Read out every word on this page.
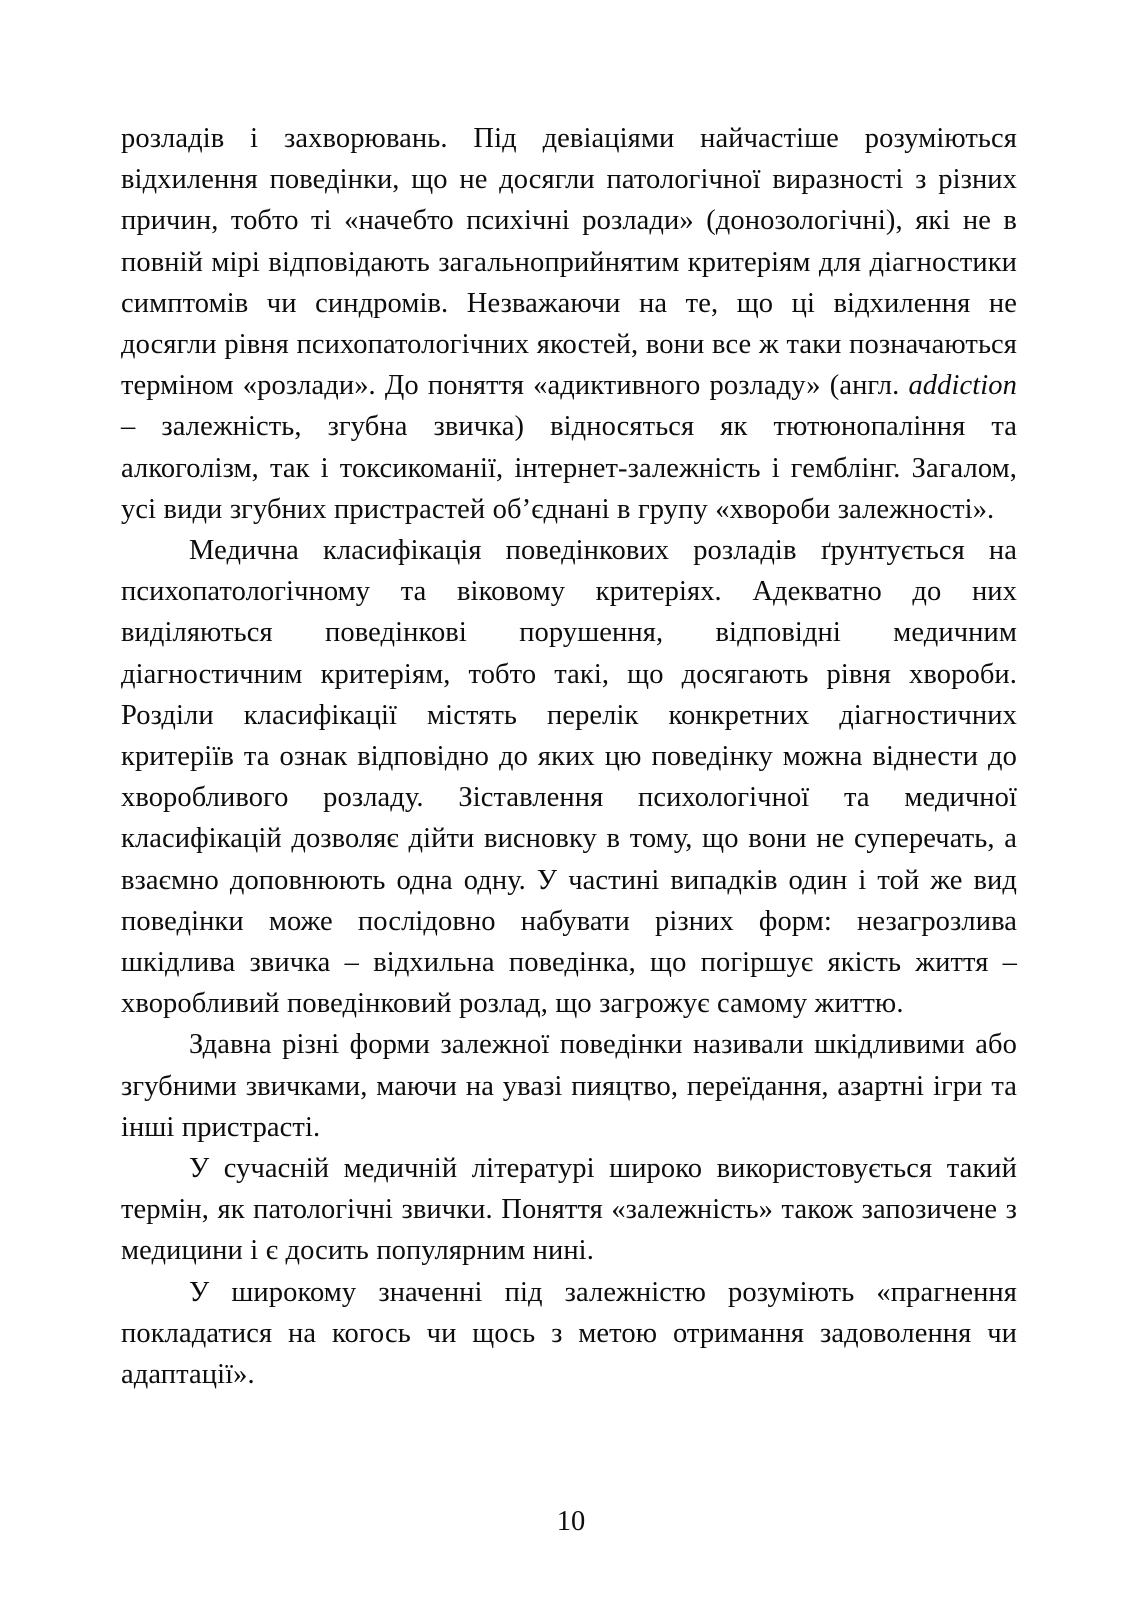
розладів і захворювань. Під девіаціями найчастіше розуміються відхилення поведінки, що не досягли патологічної виразності з різних причин, тобто ті «начебто психічні розлади» (донозологічні), які не в повній мірі відповідають загальноприйнятим критеріям для діагностики симптомів чи синдромів. Незважаючи на те, що ці відхилення не досягли рівня психопатологічних якостей, вони все ж таки позначаються терміном «розлади». До поняття «адиктивного розладу» (англ. addiction – залежність, згубна звичка) відносяться як тютюнопаління та алкоголізм, так і токсикоманії, інтернет-залежність і гемблінг. Загалом, усі види згубних пристрастей об’єднані в групу «хвороби залежності».

Медична класифікація поведінкових розладів ґрунтується на психопатологічному та віковому критеріях. Адекватно до них виділяються поведінкові порушення, відповідні медичним діагностичним критеріям, тобто такі, що досягають рівня хвороби. Розділи класифікації містять перелік конкретних діагностичних критеріїв та ознак відповідно до яких цю поведінку можна віднести до хворобливого розладу. Зіставлення психологічної та медичної класифікацій дозволяє дійти висновку в тому, що вони не суперечать, а взаємно доповнюють одна одну. У частині випадків один і той же вид поведінки може послідовно набувати різних форм: незагрозлива шкідлива звичка – відхильна поведінка, що погіршує якість життя – хворобливий поведінковий розлад, що загрожує самому життю.

Здавна різні форми залежної поведінки називали шкідливими або згубними звичками, маючи на увазі пияцтво, переїдання, азартні ігри та інші пристрасті.

У сучасній медичній літературі широко використовується такий термін, як патологічні звички. Поняття «залежність» також запозичене з медицини і є досить популярним нині.

У широкому значенні під залежністю розуміють «прагнення покладатися на когось чи щось з метою отримання задоволення чи адаптації».

10
